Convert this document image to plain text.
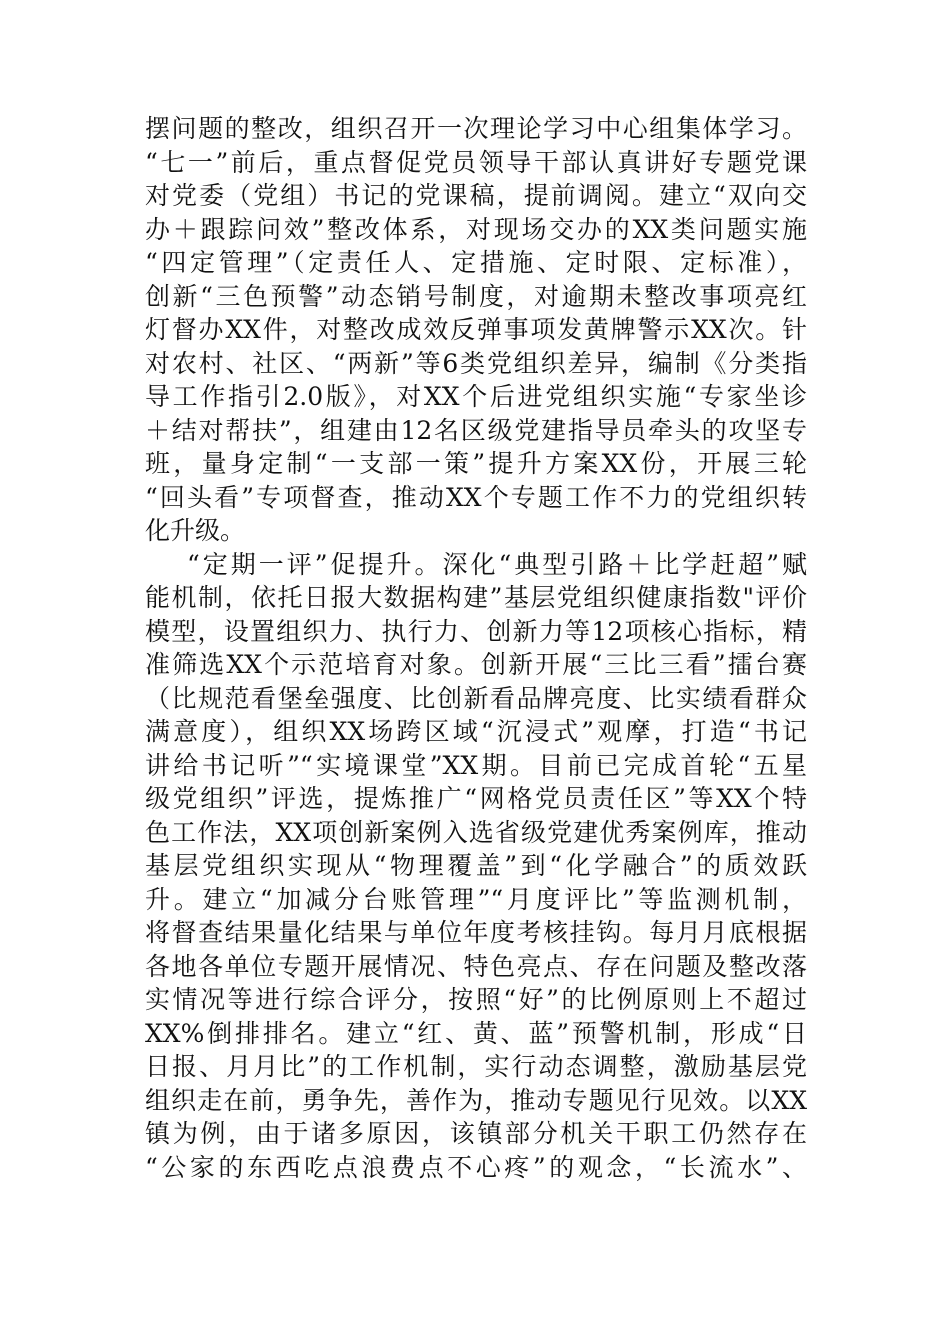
摆问题的整改，组织召开一次理论学习中心组集体学习。
“七一”前后，重点督促党员领导干部认真讲好专题党课
对党委（党组）书记的党课稿，提前调阅。建立“双向交
办＋跟踪问效”整改体系，对现场交办的XX类问题实施
“四定管理”（定责任人、定措施、定时限、定标准），
创新“三色预警”动态销号制度，对逾期未整改事项亮红
灯督办XX件，对整改成效反弹事项发黄牌警示XX次。针
对农村、社区、“两新”等6类党组织差异，编制《分类指
导工作指引2.0版》，对XX个后进党组织实施“专家坐诊
＋结对帮扶”，组建由12名区级党建指导员牵头的攻坚专
班，量身定制“一支部一策”提升方案XX份，开展三轮
“回头看”专项督查，推动XX个专题工作不力的党组织转
化升级。
“定期一评”促提升。深化“典型引路＋比学赶超”赋
能机制，依托日报大数据构建”基层党组织健康指数"评价
模型，设置组织力、执行力、创新力等12项核心指标，精
准筛选XX个示范培育对象。创新开展“三比三看”擂台赛
（比规范看堡垒强度、比创新看品牌亮度、比实绩看群众
满意度），组织XX场跨区域“沉浸式”观摩，打造“书记
讲给书记听”“实境课堂”XX期。目前已完成首轮“五星
级党组织”评选，提炼推广“网格党员责任区”等XX个特
色工作法，XX项创新案例入选省级党建优秀案例库，推动
基层党组织实现从“物理覆盖”到“化学融合”的质效跃
升。建立“加减分台账管理”“月度评比”等监测机制，
将督查结果量化结果与单位年度考核挂钩。每月月底根据
各地各单位专题开展情况、特色亮点、存在问题及整改落
实情况等进行综合评分，按照“好”的比例原则上不超过
XX%倒排排名。建立“红、黄、蓝”预警机制，形成“日
日报、月月比”的工作机制，实行动态调整，激励基层党
组织走在前，勇争先，善作为，推动专题见行见效。以XX
镇为例，由于诸多原因，该镇部分机关干职工仍然存在
“公家的东西吃点浪费点不心疼”的观念，“长流水”、
